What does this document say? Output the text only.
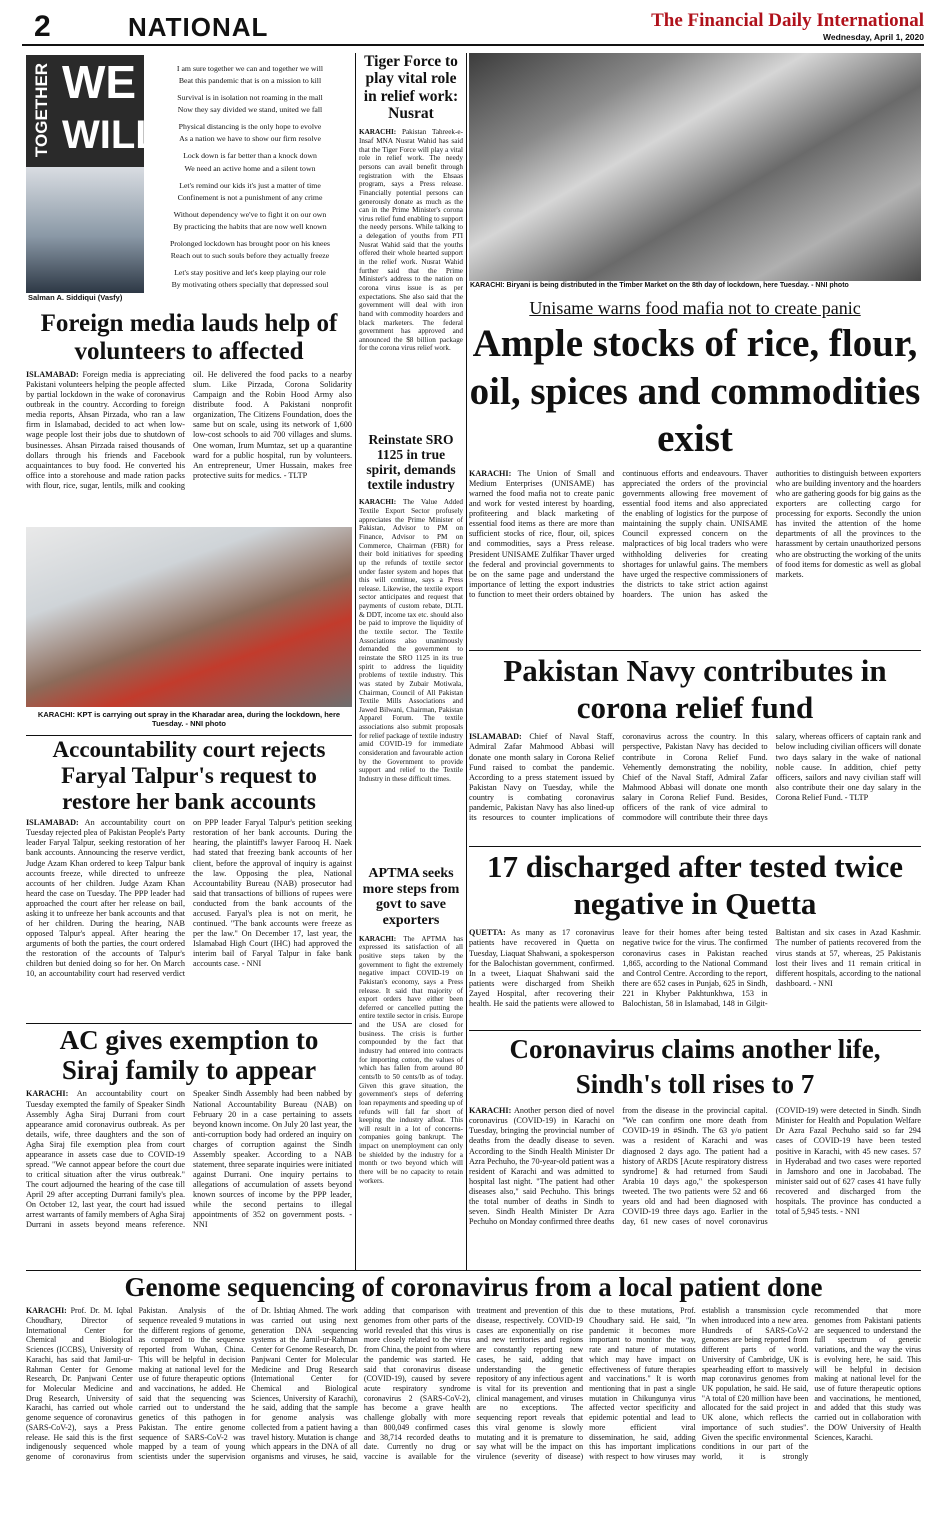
2	NATIONAL	The Financial Daily International
Wednesday, April 1, 2020
TOGETHER WE
WILL
Salman A. Siddiqui (Vasfy)
I am sure together we can and together we will
Beat this pandemic that is on a mission to kill
Survival is in isolation not roaming in the mall
Now they say divided we stand, united we fall
Physical distancing is the only hope to evolve
As a nation we have to show our firm resolve
Lock down is far better than a knock down
We need an active home and a silent town
Let's remind our kids it's just a matter of time
Confinement is not a punishment of any crime
Without dependency we've to fight it on our own
By practicing the habits that are now well known
Prolonged lockdown has brought poor on his knees
Reach out to such souls before they actually freeze
Let's stay positive and let's keep playing our role
By motivating others specially that depressed soul
Foreign media lauds help of volunteers to affected
ISLAMABAD: Foreign media is appreciating Pakistani volunteers helping the people affected by partial lockdown in the wake of coronavirus outbreak in the country. According to foreign media reports, Ahsan Pirzada, who ran a law firm in Islamabad, decided to act when low-wage people lost their jobs due to shutdown of businesses. Ahsan Pirzada raised thousands of dollars through his friends and Facebook acquaintances to buy food. He converted his office into a storehouse and made ration packs with flour, rice, sugar, lentils, milk and cooking oil. He delivered the food packs to a nearby slum. Like Pirzada, Corona Solidarity Campaign and the Robin Hood Army also distribute food. A Pakistani nonprofit organization, The Citizens Foundation, does the same but on scale, using its network of 1,600 low-cost schools to aid 700 villages and slums. One woman, Irum Mumtaz, set up a quarantine ward for a public hospital, run by volunteers. An entrepreneur, Umer Hussain, makes free protective suits for medics. - TLTP
KARACHI: KPT is carrying out spray in the Kharadar area, during the lockdown, here Tuesday. - NNI photo
Accountability court rejects Faryal Talpur's request to restore her bank accounts
ISLAMABAD: An accountability court on Tuesday rejected plea of Pakistan People's Party leader Faryal Talpur, seeking restoration of her bank accounts. Announcing the reserve verdict, Judge Azam Khan ordered to keep Talpur bank accounts freeze, while directed to unfreeze accounts of her children. Judge Azam Khan heard the case on Tuesday. The PPP leader had approached the court after her release on bail, asking it to unfreeze her bank accounts and that of her children. During the hearing, NAB opposed Talpur's appeal. After hearing the arguments of both the parties, the court ordered the restoration of the accounts of Talpur's children but denied doing so for her. On March 10, an accountability court had reserved verdict on PPP leader Faryal Talpur's petition seeking restoration of her bank accounts. During the hearing, the plaintiff's lawyer Farooq H. Naek had stated that freezing bank accounts of her client, before the approval of inquiry is against the law. Opposing the plea, National Accountability Bureau (NAB) prosecutor had said that transactions of billions of rupees were conducted from the bank accounts of the accused. Faryal's plea is not on merit, he continued. "The bank accounts were freeze as per the law." On December 17, last year, the Islamabad High Court (IHC) had approved the interim bail of Faryal Talpur in fake bank accounts case. - NNI
AC gives exemption to Siraj family to appear
KARACHI: An accountability court on Tuesday exempted the family of Speaker Sindh Assembly Agha Siraj Durrani from court appearance amid coronavirus outbreak. As per details, wife, three daughters and the son of Agha Siraj file exemption plea from court appearance in assets case due to COVID-19 spread. "We cannot appear before the court due to critical situation after the virus outbreak." The court adjourned the hearing of the case till April 29 after accepting Durrani family's plea. On October 12, last year, the court had issued arrest warrants of family members of Agha Siraj Durrani in assets beyond means reference. Speaker Sindh Assembly had been nabbed by National Accountability Bureau (NAB) on February 20 in a case pertaining to assets beyond known income. On July 20 last year, the anti-corruption body had ordered an inquiry on charges of corruption against the Sindh Assembly speaker. According to a NAB statement, three separate inquiries were initiated against Durrani. One inquiry pertains to allegations of accumulation of assets beyond known sources of income by the PPP leader, while the second pertains to illegal appointments of 352 on government posts. - NNI
Tiger Force to play vital role in relief work: Nusrat
KARACHI: Pakistan Tahreek-e-Insaf MNA Nusrat Wahid has said that the Tiger Force will play a vital role in relief work. The needy persons can avail benefit through registration with the Ehsaas program, says a Press release. Financially potential persons can generously donate as much as the can in the Prime Minister's corona virus relief fund enabling to support the needy persons. While talking to a delegation of youths from PTI Nusrat Wahid said that the youths offered their whole hearted support in the relief work. Nusrat Wahid further said that the Prime Minister's address to the nation on corona virus issue is as per expectations. She also said that the government will deal with iron hand with commodity hoarders and black marketers. The federal government has approved and announced the $8 billion package for the corona virus relief work.
Reinstate SRO 1125 in true spirit, demands textile industry
KARACHI: The Value Added Textile Export Sector profusely appreciates the Prime Minister of Pakistan, Advisor to PM on Finance, Advisor to PM on Commerce, Chairman (FBR) for their bold initiatives for speeding up the refunds of textile sector under faster system and hopes that this will continue, says a Press release. Likewise, the textile export sector anticipates and request that payments of custom rebate, DLTL & DDT, income tax etc. should also be paid to improve the liquidity of the textile sector. The Textile Associations also unanimously demanded the government to reinstate the SRO 1125 in its true spirit to address the liquidity problems of textile industry. This was stated by Zubair Motiwala, Chairman, Council of All Pakistan Textile Mills Associations and Jawed Bilwani, Chairman, Pakistan Apparel Forum. The textile associations also submit proposals for relief package of textile industry amid COVID-19 for immediate consideration and favourable action by the Government to provide support and relief to the Textile Industry in these difficult times.
APTMA seeks more steps from govt to save exporters
KARACHI: The APTMA has expressed its satisfaction of all positive steps taken by the government to fight the extremely negative impact COVID-19 on Pakistan's economy, says a Press release. It said that majority of export orders have either been deferred or cancelled putting the entire textile sector in crisis. Europe and the USA are closed for business. The crisis is further compounded by the fact that industry had entered into contracts for importing cotton, the values of which has fallen from around 80 cents/lb to 50 cents/lb as of today. Given this grave situation, the government's steps of deferring loan repayments and speeding up of refunds will fall far short of keeping the industry afloat. This will result in a lot of concerns-companies going bankrupt. The impact on unemployment can only be shielded by the industry for a month or two beyond which will there will be no capacity to retain workers.
KARACHI: Biryani is being distributed in the Timber Market on the 8th day of lockdown, here Tuesday. - NNI photo
Unisame warns food mafia not to create panic
Ample stocks of rice, flour, oil, spices and commodities exist
KARACHI: The Union of Small and Medium Enterprises (UNISAME) has warned the food mafia not to create panic and work for vested interest by hoarding, profiteering and black marketing of essential food items as there are more than sufficient stocks of rice, flour, oil, spices and commodities, says a Press release. President UNISAME Zulfikar Thaver urged the federal and provincial governments to be on the same page and understand the importance of letting the export industries to function to meet their orders obtained by continuous efforts and endeavours. Thaver appreciated the orders of the provincial governments allowing free movement of essential food items and also appreciated the enabling of logistics for the purpose of maintaining the supply chain. UNISAME Council expressed concern on the malpractices of big local traders who were withholding deliveries for creating shortages for unlawful gains. The members have urged the respective commissioners of the districts to take strict action against hoarders. The union has asked the authorities to distinguish between exporters who are building inventory and the hoarders who are gathering goods for big gains as the exporters are collecting cargo for processing for exports. Secondly the union has invited the attention of the home departments of all the provinces to the harassment by certain unauthorized persons who are obstructing the working of the units of food items for domestic as well as global markets.
Pakistan Navy contributes in corona relief fund
ISLAMABAD: Chief of Naval Staff, Admiral Zafar Mahmood Abbasi will donate one month salary in Corona Relief Fund raised to combat the pandemic. According to a press statement issued by Pakistan Navy on Tuesday, while the country is combating coronavirus pandemic, Pakistan Navy has also lined-up its resources to counter implications of coronavirus across the country. In this perspective, Pakistan Navy has decided to contribute in Corona Relief Fund. Vehemently demonstrating the nobility, Chief of the Naval Staff, Admiral Zafar Mahmood Abbasi will donate one month salary in Corona Relief Fund. Besides, officers of the rank of vice admiral to commodore will contribute their three days salary, whereas officers of captain rank and below including civilian officers will donate two days salary in the wake of national noble cause. In addition, chief petty officers, sailors and navy civilian staff will also contribute their one day salary in the Corona Relief Fund. - TLTP
17 discharged after tested twice negative in Quetta
QUETTA: As many as 17 coronavirus patients have recovered in Quetta on Tuesday, Liaquat Shahwani, a spokesperson for the Balochistan government, confirmed. In a tweet, Liaquat Shahwani said the patients were discharged from Sheikh Zayed Hospital, after recovering their health. He said the patients were allowed to leave for their homes after being tested negative twice for the virus. The confirmed coronavirus cases in Pakistan reached 1,865, according to the National Command and Control Centre. According to the report, there are 652 cases in Punjab, 625 in Sindh, 221 in Khyber Pakhtunkhwa, 153 in Balochistan, 58 in Islamabad, 148 in Gilgit-Baltistan and six cases in Azad Kashmir. The number of patients recovered from the virus stands at 57, whereas, 25 Pakistanis lost their lives and 11 remain critical in different hospitals, according to the national dashboard. - NNI
Coronavirus claims another life, Sindh's toll rises to 7
KARACHI: Another person died of novel coronavirus (COVID-19) in Karachi on Tuesday, bringing the provincial number of deaths from the deadly disease to seven. According to the Sindh Health Minister Dr Azra Pechuho, the 70-year-old patient was a resident of Karachi and was admitted to hospital last night. "The patient had other diseases also," said Pechuho. This brings the total number of deaths in Sindh to seven. Sindh Health Minister Dr Azra Pechuho on Monday confirmed three deaths from the disease in the provincial capital. "We can confirm one more death from COVID-19 in #Sindh. The 63 y/o patient was a resident of Karachi and was diagnosed 2 days ago. The patient had a history of ARDS [Acute respiratory distress syndrome] & had returned from Saudi Arabia 10 days ago," the spokesperson tweeted. The two patients were 52 and 66 years old and had been diagnosed with COVID-19 three days ago. Earlier in the day, 61 new cases of novel coronavirus (COVID-19) were detected in Sindh. Sindh Minister for Health and Population Welfare Dr Azra Fazal Pechuho said so far 294 cases of COVID-19 have been tested positive in Karachi, with 45 new cases. 57 in Hyderabad and two cases were reported in Jamshoro and one in Jacobabad. The minister said out of 627 cases 41 have fully recovered and discharged from the hospitals. The province has conducted a total of 5,945 tests. - NNI
Genome sequencing of coronavirus from a local patient done
KARACHI: Prof. Dr. M. Iqbal Choudhary, Director of International Center for Chemical and Biological Sciences (ICCBS), University of Karachi, has said that Jamil-ur-Rahman Center for Genome Research, Dr. Panjwani Center for Molecular Medicine and Drug Research, University of Karachi, has carried out whole genome sequence of coronavirus (SARS-CoV-2), says a Press release. He said this is the first indigenously sequenced whole genome of coronavirus from Pakistan. Analysis of the sequence revealed 9 mutations in the different regions of genome, as compared to the sequence reported from Wuhan, China. This will be helpful in decision making at national level for the use of future therapeutic options and vaccinations, he added. He said that the sequencing was carried out to understand the genetics of this pathogen in Pakistan. The entire genome sequence of SARS-CoV-2 was mapped by a team of young scientists under the supervision of Dr. Ishtiaq Ahmed. The work was carried out using next generation DNA sequencing systems at the Jamil-ur-Rahman Center for Genome Research, Dr. Panjwani Center for Molecular Medicine and Drug Research (International Center for Chemical and Biological Sciences, University of Karachi), he said, adding that the sample for genome analysis was collected from a patient having a travel history. Mutation is change which appears in the DNA of all organisms and viruses, he said, adding that comparison with genomes from other parts of the world revealed that this virus is more closely related to the virus from China, the point from where the pandemic was started. He said that coronavirus disease (COVID-19), caused by severe acute respiratory syndrome coronavirus 2 (SARS-CoV-2), has become a grave health challenge globally with more than 800,049 confirmed cases and 38,714 recorded deaths to date. Currently no drug or vaccine is available for the treatment and prevention of this disease, respectively. COVID-19 cases are exponentially on rise and new territories and regions are constantly reporting new cases, he said, adding that understanding the genetic repository of any infectious agent is vital for its prevention and clinical management, and viruses are no exceptions. The sequencing report reveals that this viral genome is slowly mutating and it is premature to say what will be the impact on virulence (severity of disease) due to these mutations, Prof. Choudhary said. He said, "In pandemic it becomes more important to monitor the way, rate and nature of mutations which may have impact on effectiveness of future therapies and vaccinations." It is worth mentioning that in past a single mutation in Chikungunya virus affected vector specificity and epidemic potential and lead to more efficient viral dissemination, he said, adding this has important implications with respect to how viruses may establish a transmission cycle when introduced into a new area. Hundreds of SARS-CoV-2 genomes are being reported from different parts of world. University of Cambridge, UK is spearheading effort to massively map coronavirus genomes from UK population, he said. He said, "A total of £20 million have been allocated for the said project in UK alone, which reflects the importance of such studies". Given the specific environmental conditions in our part of the world, it is strongly recommended that more genomes from Pakistani patients are sequenced to understand the full spectrum of genetic variations, and the way the virus is evolving here, he said. This will be helpful in decision making at national level for the use of future therapeutic options and vaccinations, he mentioned, and added that this study was carried out in collaboration with the DOW University of Health Sciences, Karachi.
